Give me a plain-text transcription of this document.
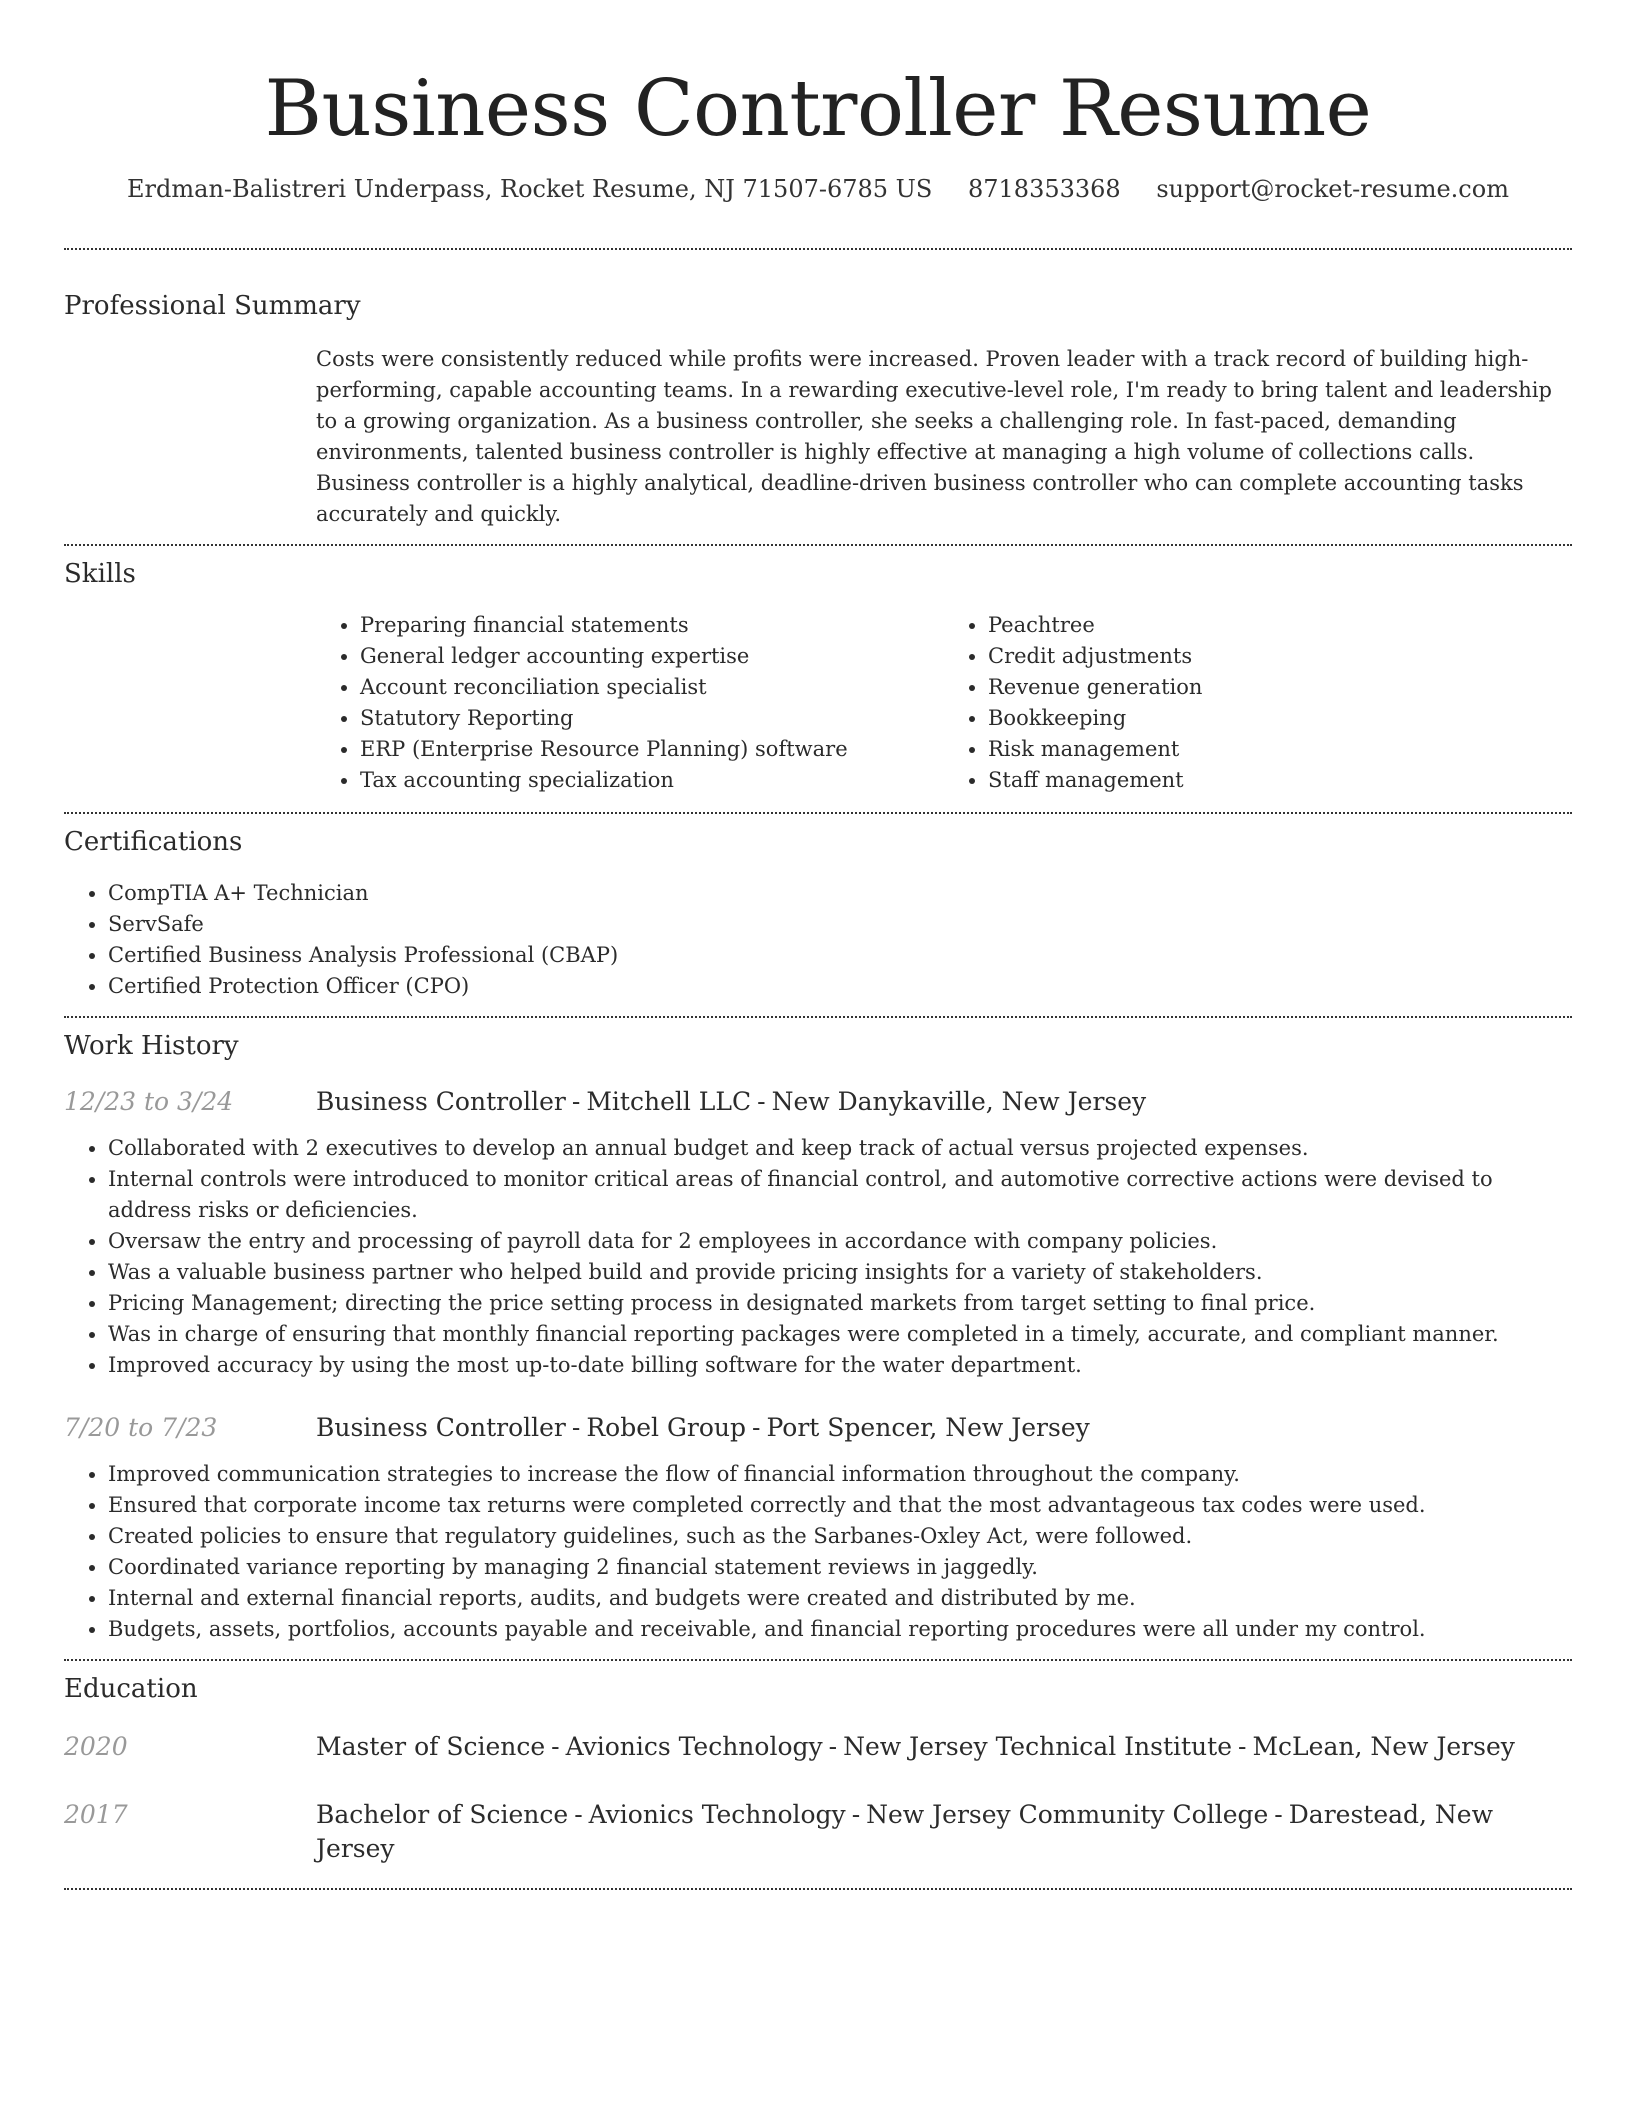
Business Controller Resume
Erdman-Balistreri Underpass, Rocket Resume, NJ 71507-6785 US 8718353368 support@rocket-resume.com
Professional Summary
Costs were consistently reduced while profits were increased. Proven leader with a track record of building high-performing, capable accounting teams. In a rewarding executive-level role, I'm ready to bring talent and leadership to a growing organization. As a business controller, she seeks a challenging role. In fast-paced, demanding environments, talented business controller is highly effective at managing a high volume of collections calls. Business controller is a highly analytical, deadline-driven business controller who can complete accounting tasks accurately and quickly.
Skills
• Preparing financial statements
• General ledger accounting expertise
• Account reconciliation specialist
• Statutory Reporting
• ERP (Enterprise Resource Planning) software
• Tax accounting specialization
• Peachtree
• Credit adjustments
• Revenue generation
• Bookkeeping
• Risk management
• Staff management
Certifications
• CompTIA A+ Technician
• ServSafe
• Certified Business Analysis Professional (CBAP)
• Certified Protection Officer (CPO)
Work History
12/23 to 3/24	Business Controller - Mitchell LLC - New Danykaville, New Jersey
• Collaborated with 2 executives to develop an annual budget and keep track of actual versus projected expenses.
• Internal controls were introduced to monitor critical areas of financial control, and automotive corrective actions were devised to address risks or deficiencies.
• Oversaw the entry and processing of payroll data for 2 employees in accordance with company policies.
• Was a valuable business partner who helped build and provide pricing insights for a variety of stakeholders.
• Pricing Management; directing the price setting process in designated markets from target setting to final price.
• Was in charge of ensuring that monthly financial reporting packages were completed in a timely, accurate, and compliant manner.
• Improved accuracy by using the most up-to-date billing software for the water department.
7/20 to 7/23	Business Controller - Robel Group - Port Spencer, New Jersey
• Improved communication strategies to increase the flow of financial information throughout the company.
• Ensured that corporate income tax returns were completed correctly and that the most advantageous tax codes were used.
• Created policies to ensure that regulatory guidelines, such as the Sarbanes-Oxley Act, were followed.
• Coordinated variance reporting by managing 2 financial statement reviews in jaggedly.
• Internal and external financial reports, audits, and budgets were created and distributed by me.
• Budgets, assets, portfolios, accounts payable and receivable, and financial reporting procedures were all under my control.
Education
2020	Master of Science - Avionics Technology - New Jersey Technical Institute - McLean, New Jersey
2017	Bachelor of Science - Avionics Technology - New Jersey Community College - Darestead, New Jersey
